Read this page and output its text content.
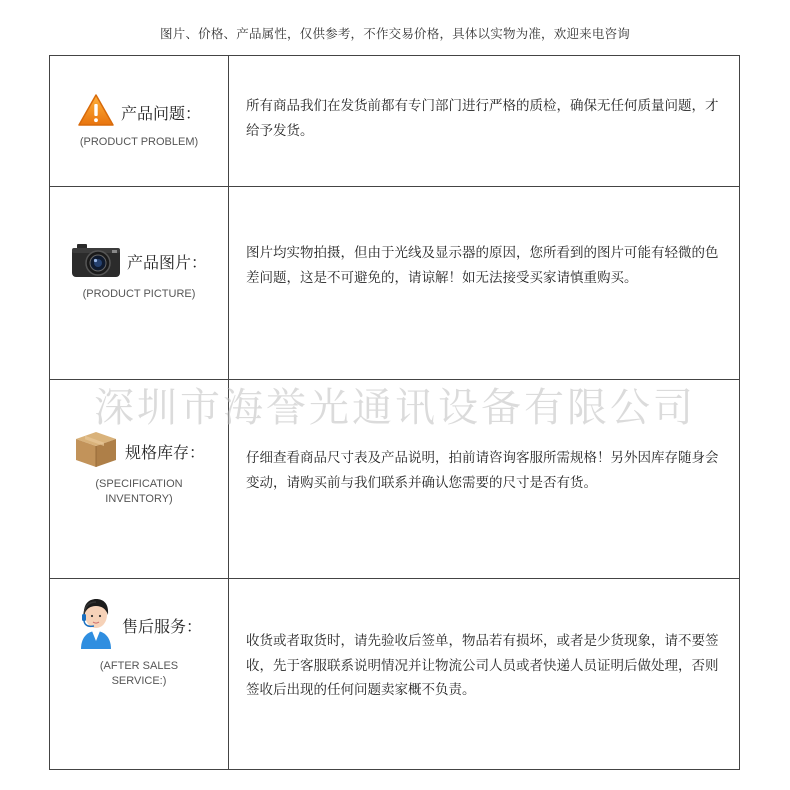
图片、价格、产品属性，仅供参考，不作交易价格，具体以实物为准，欢迎来电咨询
产品问题：
(PRODUCT PROBLEM)	所有商品我们在发货前都有专门部门进行严格的质检，确保无任何质量问题，才给予发货。

产品图片：
(PRODUCT PICTURE)	图片均实物拍摄，但由于光线及显示器的原因，您所看到的图片可能有轻微的色差问题，这是不可避免的，请谅解！如无法接受买家请慎重购买。

规格库存：
(SPECIFICATION
INVENTORY)	仔细查看商品尺寸表及产品说明，拍前请咨询客服所需规格！另外因库存随身会变动，请购买前与我们联系并确认您需要的尺寸是否有货。

售后服务：
(AFTER SALES
SERVICE:)	收货或者取货时，请先验收后签单，物品若有损坏，或者是少货现象，请不要签收，先于客服联系说明情况并让物流公司人员或者快递人员证明后做处理，否则签收后出现的任何问题卖家概不负责。
深圳市海誉光通讯设备有限公司
